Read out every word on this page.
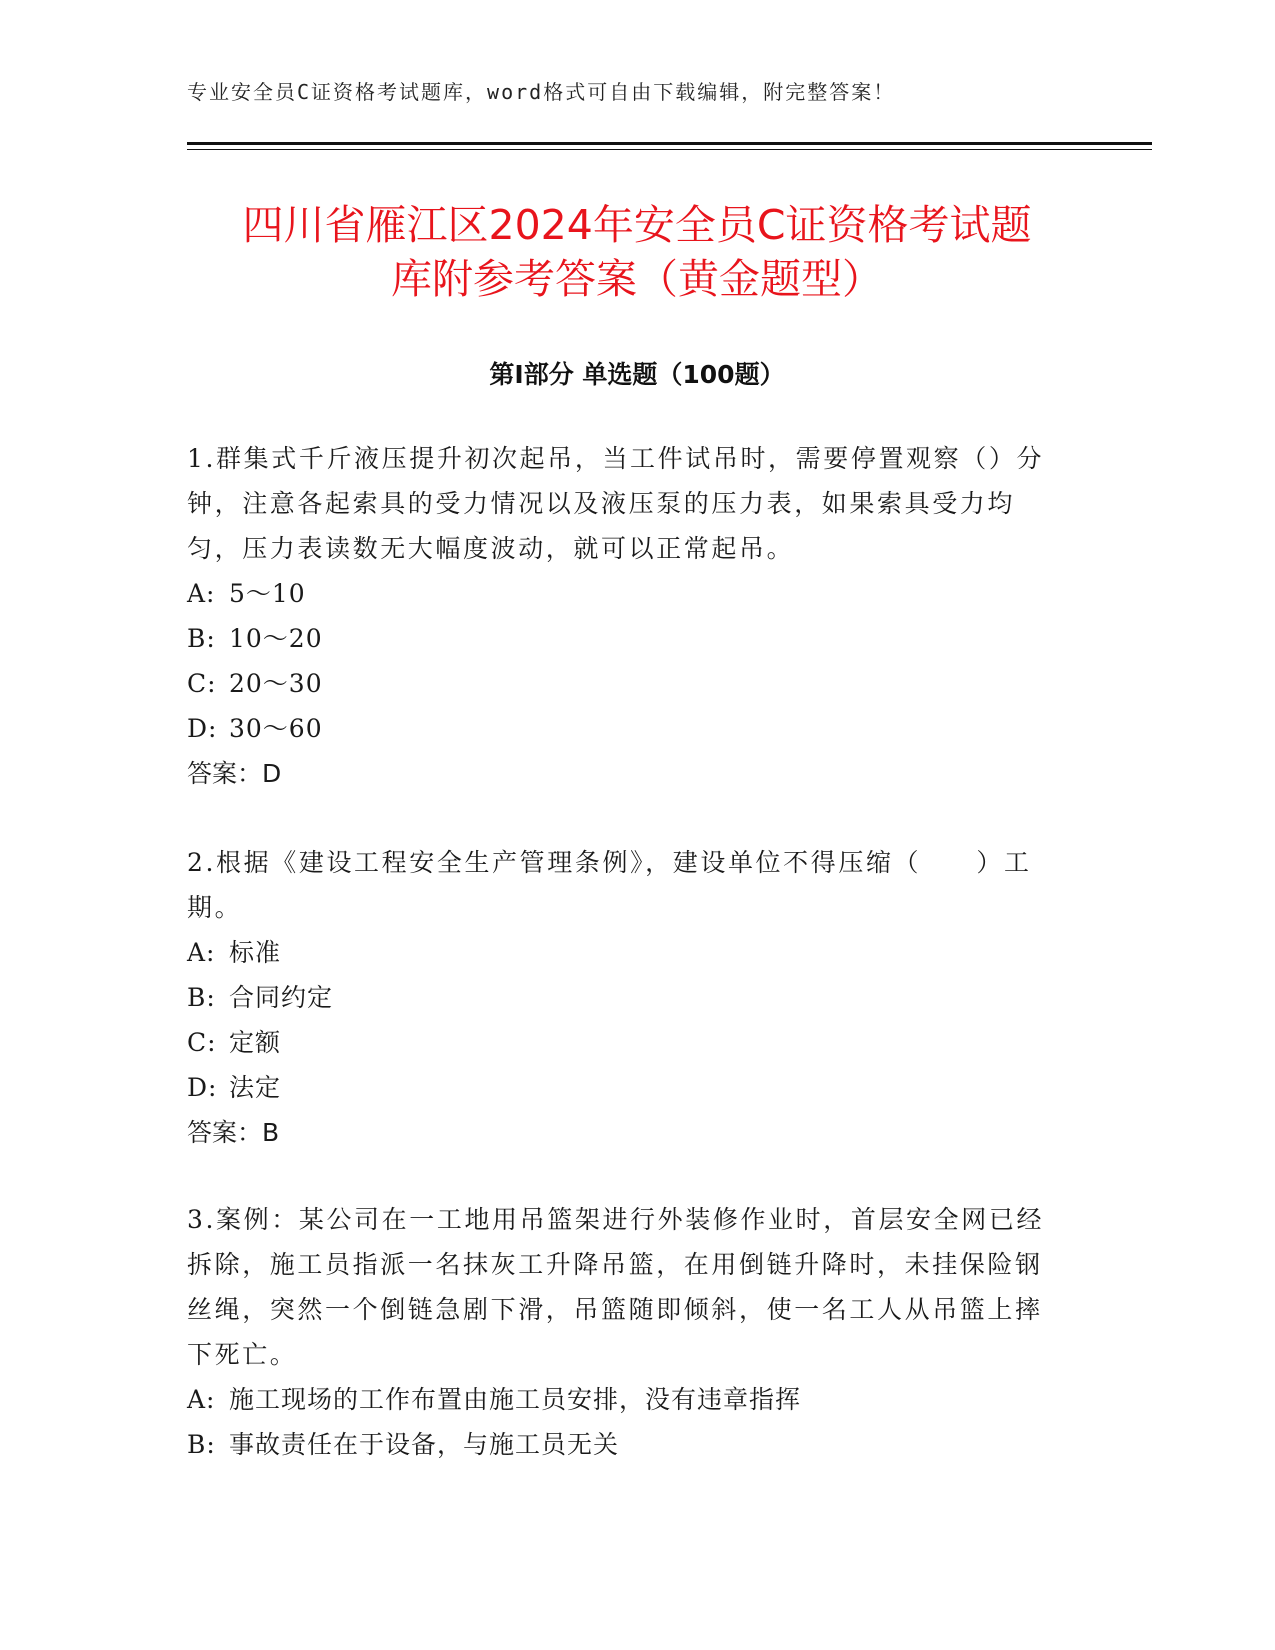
专业安全员C证资格考试题库，word格式可自由下载编辑，附完整答案！
四川省雁江区2024年安全员C证资格考试题
库附参考答案（黄金题型）
第Ⅰ部分 单选题（100题）

1.群集式千斤液压提升初次起吊，当工件试吊时，需要停置观察（）分钟，注意各起索具的受力情况以及液压泵的压力表，如果索具受力均匀，压力表读数无大幅度波动，就可以正常起吊。

A: 5～10

B: 10～20

C: 20～30

D: 30～60

答案：D

2.根据《建设工程安全生产管理条例》，建设单位不得压缩（　　）工期。

A: 标准

B: 合同约定

C: 定额

D: 法定

答案：B

3.案例：某公司在一工地用吊篮架进行外装修作业时，首层安全网已经拆除，施工员指派一名抹灰工升降吊篮，在用倒链升降时，未挂保险钢丝绳，突然一个倒链急剧下滑，吊篮随即倾斜，使一名工人从吊篮上摔下死亡。

A: 施工现场的工作布置由施工员安排，没有违章指挥

B: 事故责任在于设备，与施工员无关
